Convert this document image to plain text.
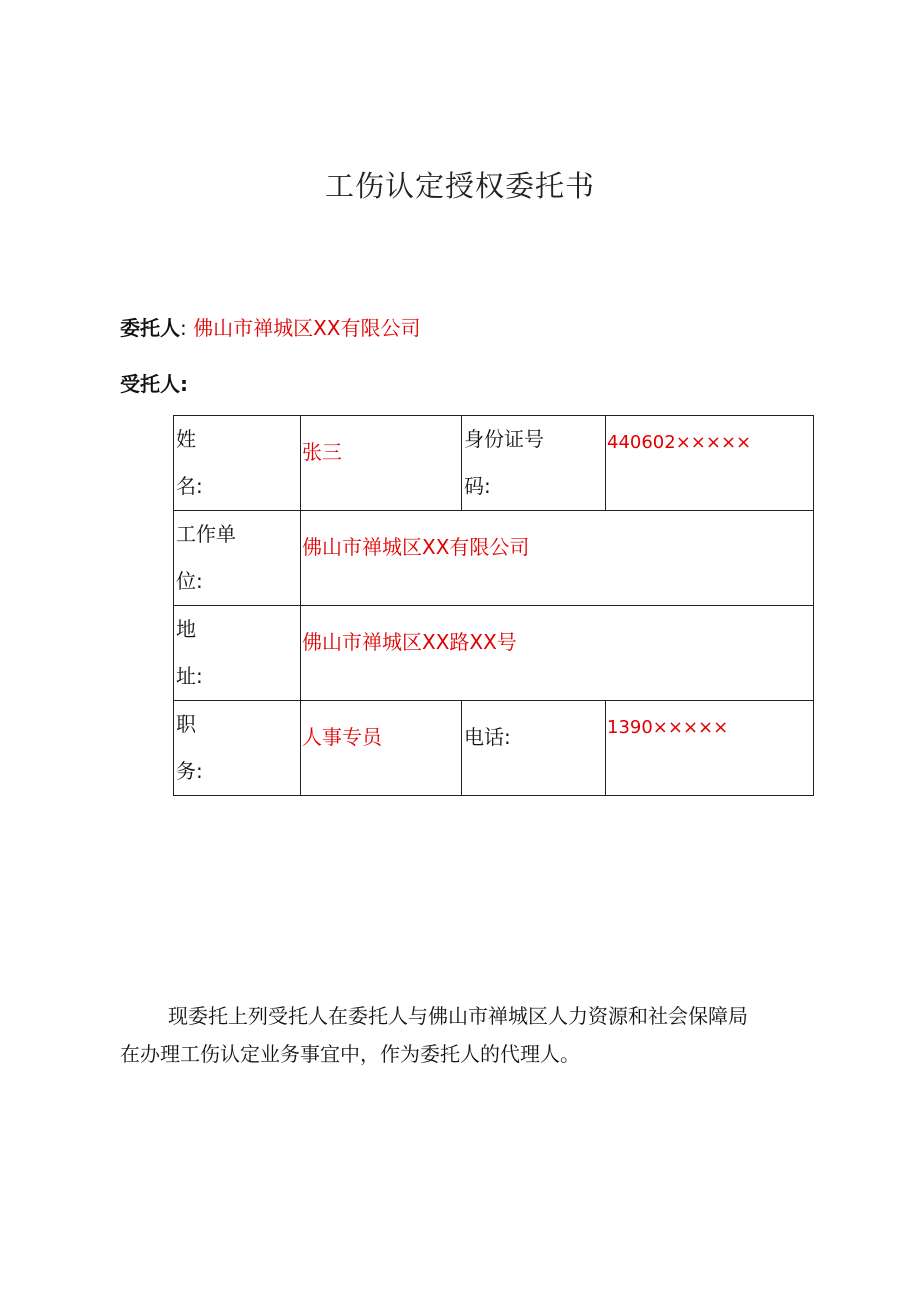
工伤认定授权委托书
委托人: 佛山市禅城区XX有限公司
受托人:
姓名:	张三	身份证号码:	440602×××××

工作单位:	佛山市禅城区XX有限公司		

地址:	佛山市禅城区XX路XX号		

职务:	人事专员	电话:	1390×××××

现委托上列受托人在委托人与佛山市禅城区人力资源和社会保障局

在办理工伤认定业务事宜中，作为委托人的代理人。
